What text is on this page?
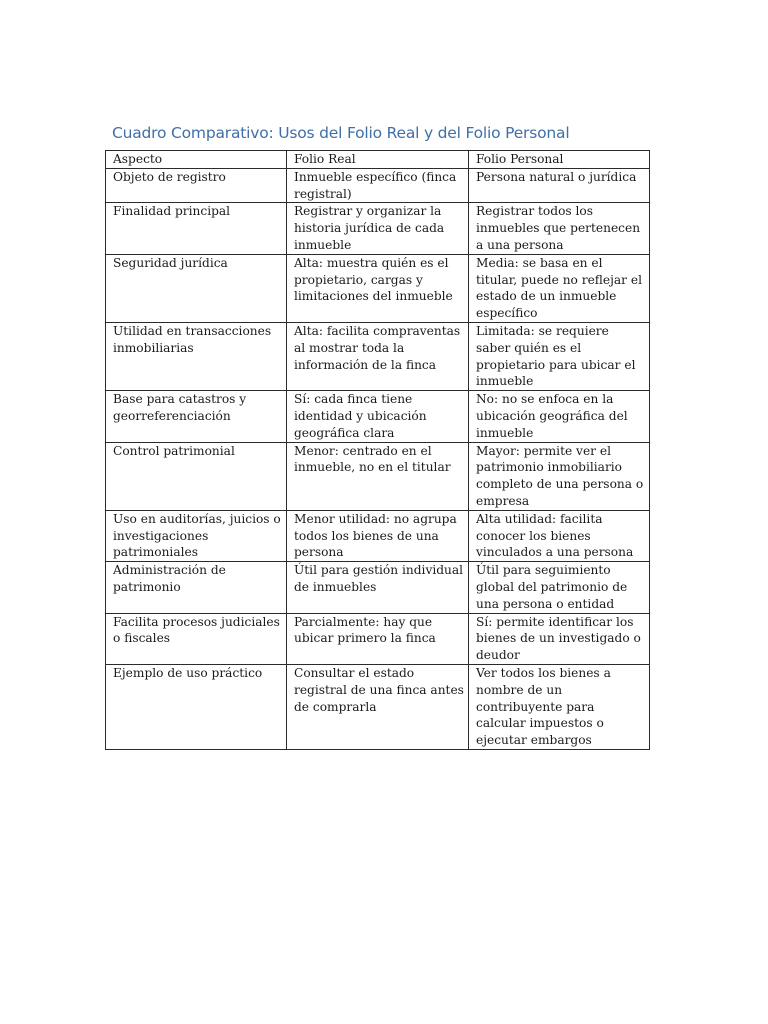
Cuadro Comparativo: Usos del Folio Real y del Folio Personal
Aspecto	Folio Real	Folio Personal
Objeto de registro	Inmueble específico (finca registral)	Persona natural o jurídica
Finalidad principal	Registrar y organizar la historia jurídica de cada inmueble	Registrar todos los inmuebles que pertenecen a una persona
Seguridad jurídica	Alta: muestra quién es el propietario, cargas y limitaciones del inmueble	Media: se basa en el titular, puede no reflejar el estado de un inmueble específico
Utilidad en transacciones inmobiliarias	Alta: facilita compraventas al mostrar toda la información de la finca	Limitada: se requiere saber quién es el propietario para ubicar el inmueble
Base para catastros y georreferenciación	Sí: cada finca tiene identidad y ubicación geográfica clara	No: no se enfoca en la ubicación geográfica del inmueble
Control patrimonial	Menor: centrado en el inmueble, no en el titular	Mayor: permite ver el patrimonio inmobiliario completo de una persona o empresa
Uso en auditorías, juicios o investigaciones patrimoniales	Menor utilidad: no agrupa todos los bienes de una persona	Alta utilidad: facilita conocer los bienes vinculados a una persona
Administración de patrimonio	Útil para gestión individual de inmuebles	Útil para seguimiento global del patrimonio de una persona o entidad
Facilita procesos judiciales o fiscales	Parcialmente: hay que ubicar primero la finca	Sí: permite identificar los bienes de un investigado o deudor
Ejemplo de uso práctico	Consultar el estado registral de una finca antes de comprarla	Ver todos los bienes a nombre de un contribuyente para calcular impuestos o ejecutar embargos
